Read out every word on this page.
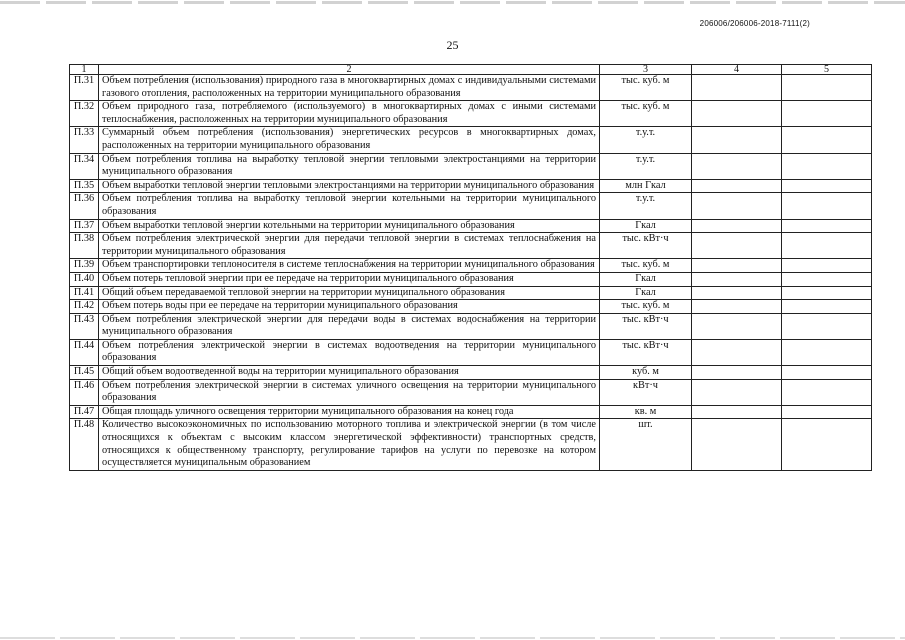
206006/206006-2018-7111(2)
25
1	2	3	4	5
П.31	Объем потребления (использования) природного газа в многоквартирных домах с индивидуальными системами газового отопления, расположенных на территории муниципального образования	тыс. куб. м		
П.32	Объем природного газа, потребляемого (используемого) в многоквартирных домах с иными системами теплоснабжения, расположенных на территории муниципального образования	тыс. куб. м		
П.33	Суммарный объем потребления (использования) энергетических ресурсов в многоквартирных домах, расположенных на территории муниципального образования	т.у.т.		
П.34	Объем потребления топлива на выработку тепловой энергии тепловыми электростанциями на территории муниципального образования	т.у.т.		
П.35	Объем выработки тепловой энергии тепловыми электростанциями на территории муниципального образования	млн Гкал		
П.36	Объем потребления топлива на выработку тепловой энергии котельными на территории муниципального образования	т.у.т.		
П.37	Объем выработки тепловой энергии котельными на территории муниципального образования	Гкал		
П.38	Объем потребления электрической энергии для передачи тепловой энергии в системах теплоснабжения на территории муниципального образования	тыс. кВт·ч		
П.39	Объем транспортировки теплоносителя в системе теплоснабжения на территории муниципального образования	тыс. куб. м		
П.40	Объем потерь тепловой энергии при ее передаче на территории муниципального образования	Гкал		
П.41	Общий объем передаваемой тепловой энергии на территории муниципального образования	Гкал		
П.42	Объем потерь воды при ее передаче на территории муниципального образования	тыс. куб. м		
П.43	Объем потребления электрической энергии для передачи воды в системах водоснабжения на территории муниципального образования	тыс. кВт·ч		
П.44	Объем потребления электрической энергии в системах водоотведения на территории муниципального образования	тыс. кВт·ч		
П.45	Общий объем водоотведенной воды на территории муниципального образования	куб. м		
П.46	Объем потребления электрической энергии в системах уличного освещения на территории муниципального образования	кВт·ч		
П.47	Общая площадь уличного освещения территории муниципального образования на конец года	кв. м		
П.48	Количество высокоэкономичных по использованию моторного топлива и электрической энергии (в том числе относящихся к объектам с высоким классом энергетической эффективности) транспортных средств, относящихся к общественному транспорту, регулирование тарифов на услуги по перевозке на котором осуществляется муниципальным образованием	шт.		
